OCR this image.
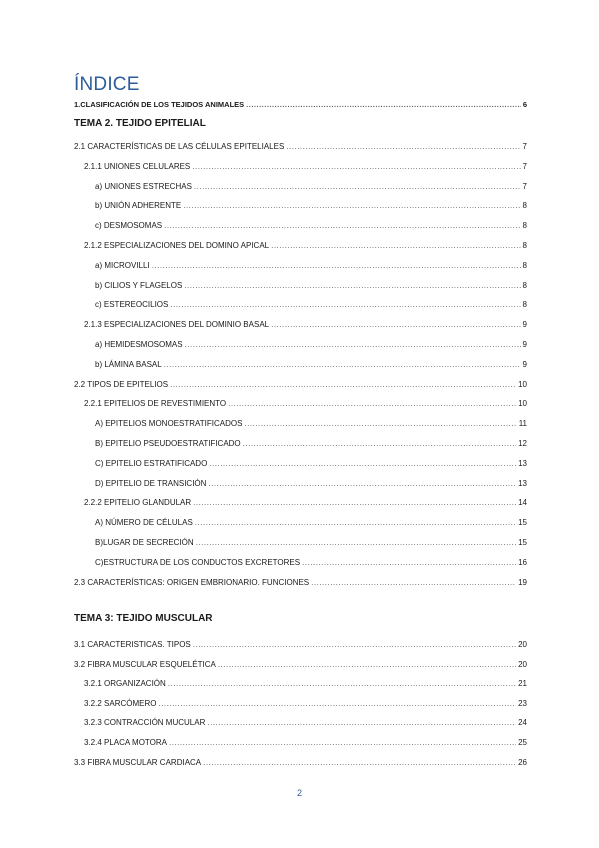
ÍNDICE
1.CLASIFICACIÓN DE LOS TEJIDOS ANIMALES .....	6
TEMA 2. TEJIDO EPITELIAL
2.1 CARACTERÍSTICAS DE LAS CÉLULAS EPITELIALES .....	7
2.1.1 UNIONES CELULARES .....	7
a) UNIONES ESTRECHAS .....	7
b) UNIÓN ADHERENTE .....	8
c) DESMOSOMAS .....	8
2.1.2 ESPECIALIZACIONES DEL DOMINO APICAL .....	8
a) MICROVILLI .....	8
b) CILIOS Y FLAGELOS .....	8
c) ESTEREOCILIOS .....	8
2.1.3 ESPECIALIZACIONES DEL DOMINIO BASAL .....	9
a) HEMIDESMOSOMAS .....	9
b) LÁMINA BASAL .....	9
2.2 TIPOS DE EPITELIOS .....	10
2.2.1 EPITELIOS DE REVESTIMIENTO .....	10
A) EPITELIOS MONOESTRATIFICADOS .....	11
B) EPITELIO PSEUDOESTRATIFICADO .....	12
C) EPITELIO ESTRATIFICADO .....	13
D) EPITELIO DE TRANSICIÓN .....	13
2.2.2 EPITELIO GLANDULAR .....	14
A) NÚMERO DE CÉLULAS .....	15
B)LUGAR DE SECRECIÓN .....	15
C)ESTRUCTURA DE LOS CONDUCTOS EXCRETORES .....	16
2.3 CARACTERÍSTICAS: ORIGEN EMBRIONARIO. FUNCIONES .....	19
TEMA 3: TEJIDO MUSCULAR
3.1 CARACTERISTICAS. TIPOS .....	20
3.2 FIBRA MUSCULAR ESQUELÉTICA .....	20
3.2.1 ORGANIZACIÓN .....	21
3.2.2 SARCÓMERO .....	23
3.2.3 CONTRACCIÓN MUCULAR .....	24
3.2.4 PLACA MOTORA .....	25
3.3 FIBRA MUSCULAR CARDIACA .....	26
2
